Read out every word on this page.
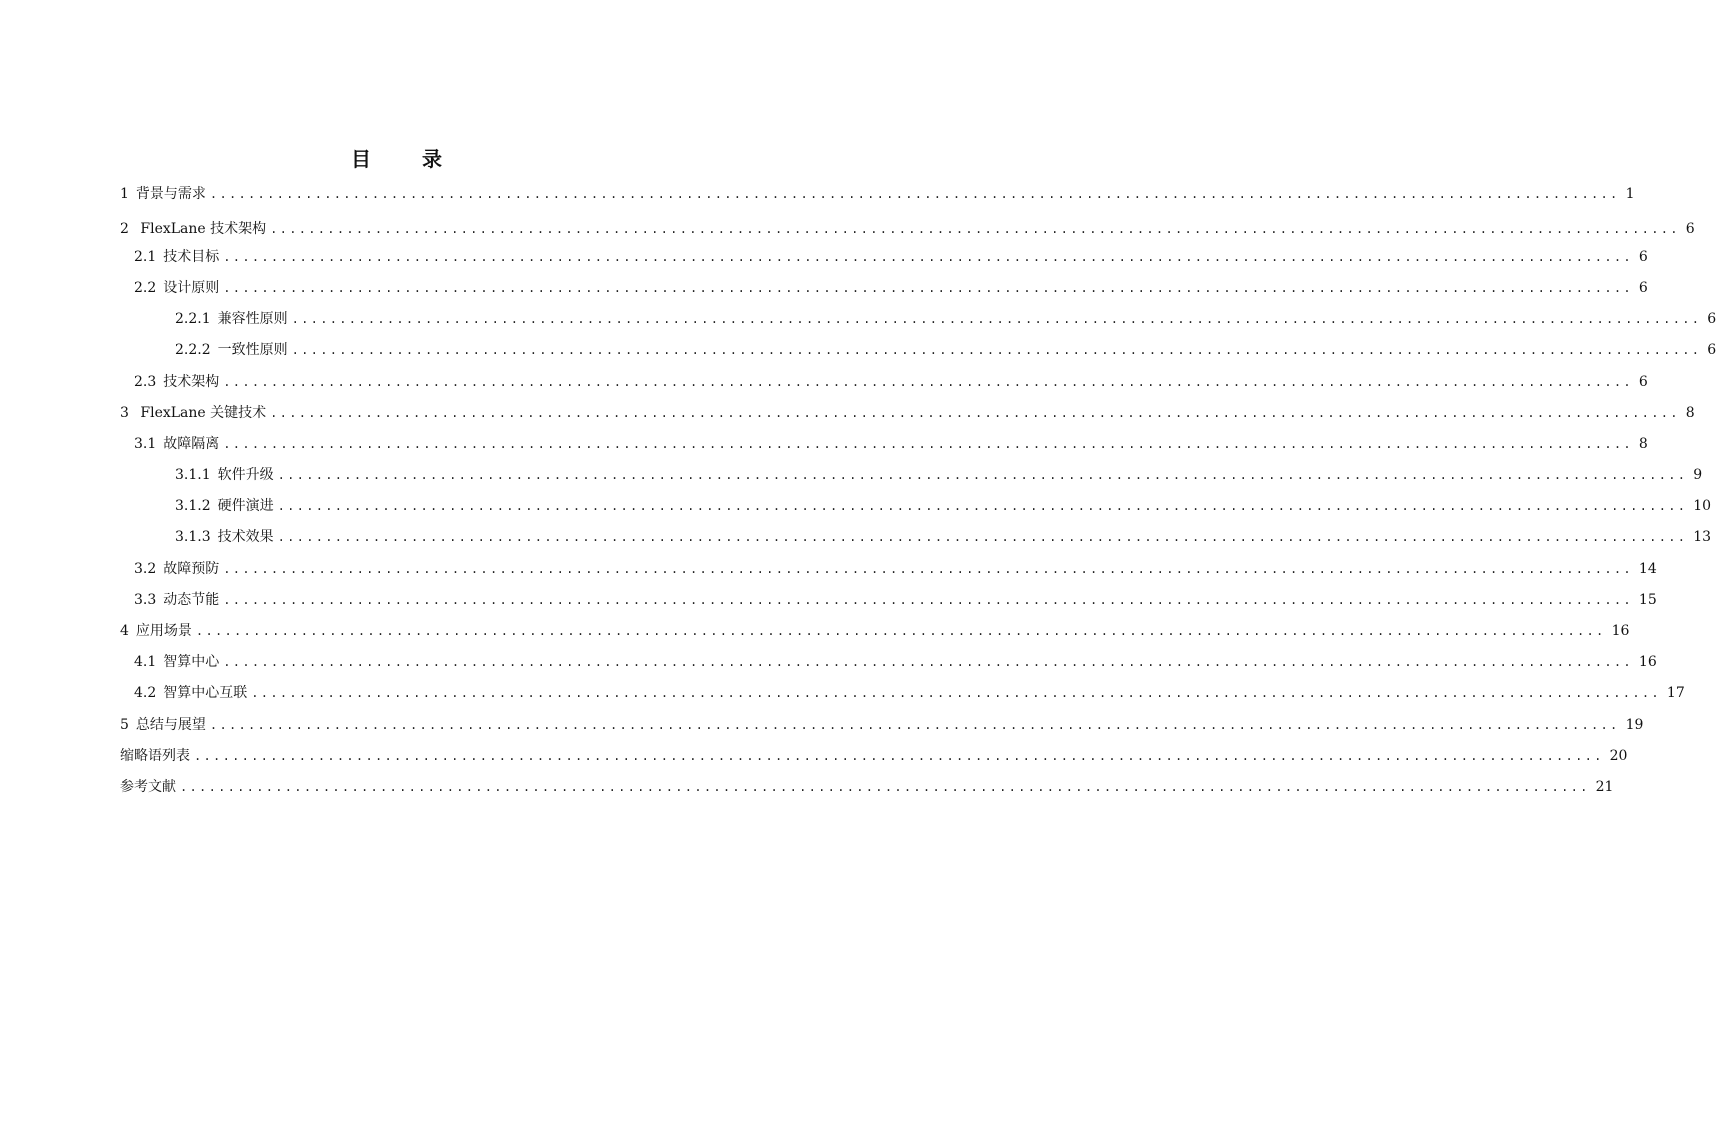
目 录
1 背景与需求 .................................................................................................................................................... 1
2 FlexLane 技术架构 .................................................................................................................................................... 6
2.1 技术目标 .................................................................................................................................................... 6
2.2 设计原则 .................................................................................................................................................... 6
2.2.1 兼容性原则 .................................................................................................................................................... 6
2.2.2 一致性原则 .................................................................................................................................................... 6
2.3 技术架构 .................................................................................................................................................... 6
3 FlexLane 关键技术 .................................................................................................................................................... 8
3.1 故障隔离 .................................................................................................................................................... 8
3.1.1 软件升级 .................................................................................................................................................... 9
3.1.2 硬件演进 .................................................................................................................................................... 10
3.1.3 技术效果 .................................................................................................................................................... 13
3.2 故障预防 .................................................................................................................................................... 14
3.3 动态节能 .................................................................................................................................................... 15
4 应用场景 .................................................................................................................................................... 16
4.1 智算中心 .................................................................................................................................................... 16
4.2 智算中心互联 .................................................................................................................................................... 17
5 总结与展望 .................................................................................................................................................... 19
缩略语列表 .................................................................................................................................................... 20
参考文献 .................................................................................................................................................... 21
